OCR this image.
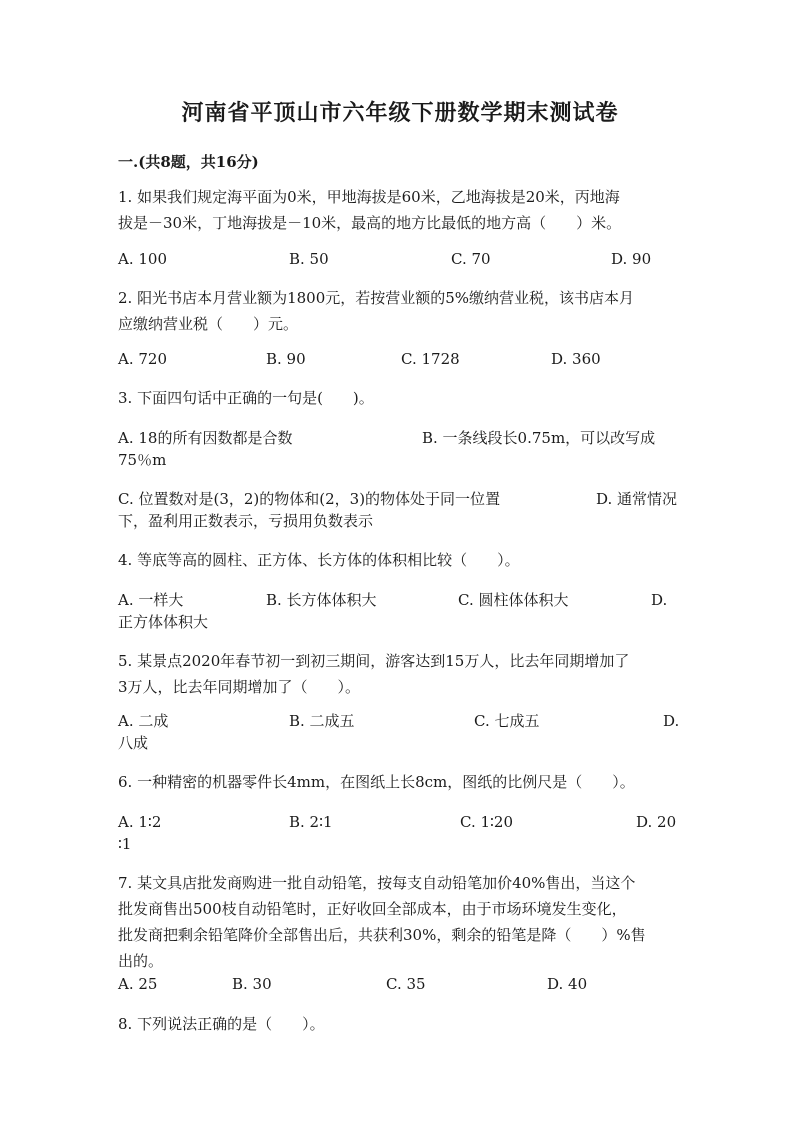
河南省平顶山市六年级下册数学期末测试卷
一.(共8题，共16分)
1. 如果我们规定海平面为0米，甲地海拔是60米，乙地海拔是20米，丙地海
拔是－30米，丁地海拔是－10米，最高的地方比最低的地方高（　　）米。
A. 100	B. 50	C. 70	D. 90
2. 阳光书店本月营业额为1800元，若按营业额的5%缴纳营业税，该书店本月
应缴纳营业税（　　）元。
A. 720	B. 90	C. 1728	D. 360
3. 下面四句话中正确的一句是(　　)。
A. 18的所有因数都是合数	B. 一条线段长0.75m，可以改写成
75％m
C. 位置数对是(3，2)的物体和(2，3)的物体处于同一位置	D. 通常情况
下，盈利用正数表示，亏损用负数表示
4. 等底等高的圆柱、正方体、长方体的体积相比较（　　）。
A. 一样大	B. 长方体体积大	C. 圆柱体体积大	D.
正方体体积大
5. 某景点2020年春节初一到初三期间，游客达到15万人，比去年同期增加了
3万人，比去年同期增加了（　　）。
A. 二成	B. 二成五	C. 七成五	D.
八成
6. 一种精密的机器零件长4mm，在图纸上长8cm，图纸的比例尺是（　　）。
A. 1∶2	B. 2∶1	C. 1∶20	D. 20
∶1
7. 某文具店批发商购进一批自动铅笔，按每支自动铅笔加价40%售出，当这个
批发商售出500枝自动铅笔时，正好收回全部成本，由于市场环境发生变化，
批发商把剩余铅笔降价全部售出后，共获利30%，剩余的铅笔是降（　　）%售
出的。
A. 25	B. 30	C. 35	D. 40
8. 下列说法正确的是（　　）。
